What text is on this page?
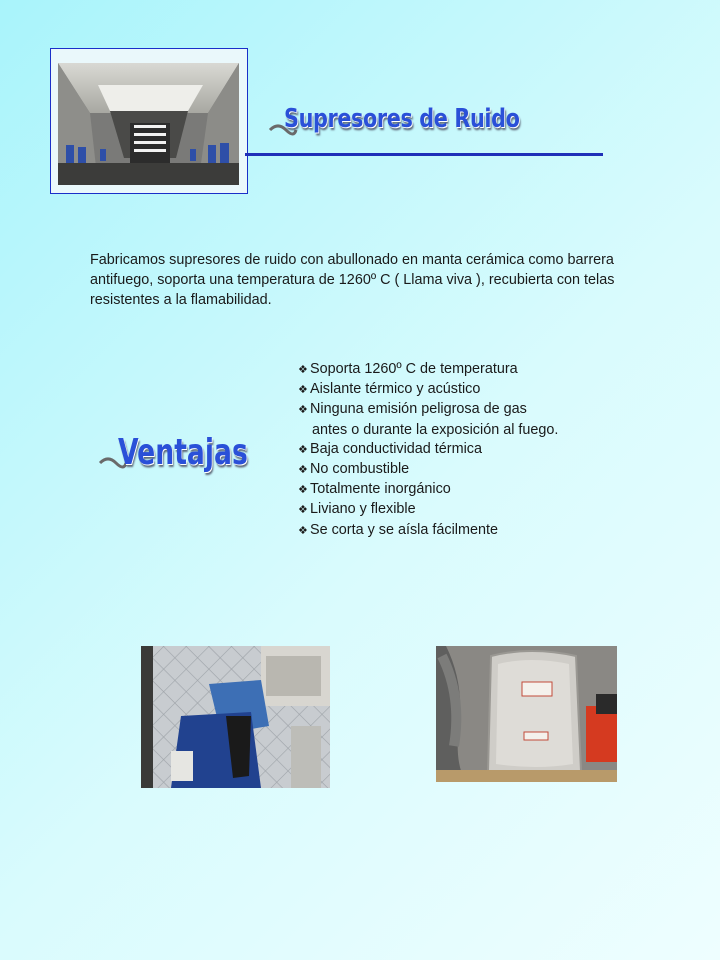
Supresores de Ruido

Fabricamos supresores de ruido con abullonado en manta cerámica como barrera antifuego, soporta una temperatura de 1260º C ( Llama viva ), recubierta con telas resistentes a la flamabilidad.

Ventajas
❖ Soporta 1260º C de temperatura
❖ Aislante térmico y acústico
❖ Ninguna emisión peligrosa de gas
antes o durante la exposición al fuego.
❖ Baja conductividad térmica
❖ No combustible
❖ Totalmente inorgánico
❖ Liviano y flexible
❖ Se corta y se aísla fácilmente
